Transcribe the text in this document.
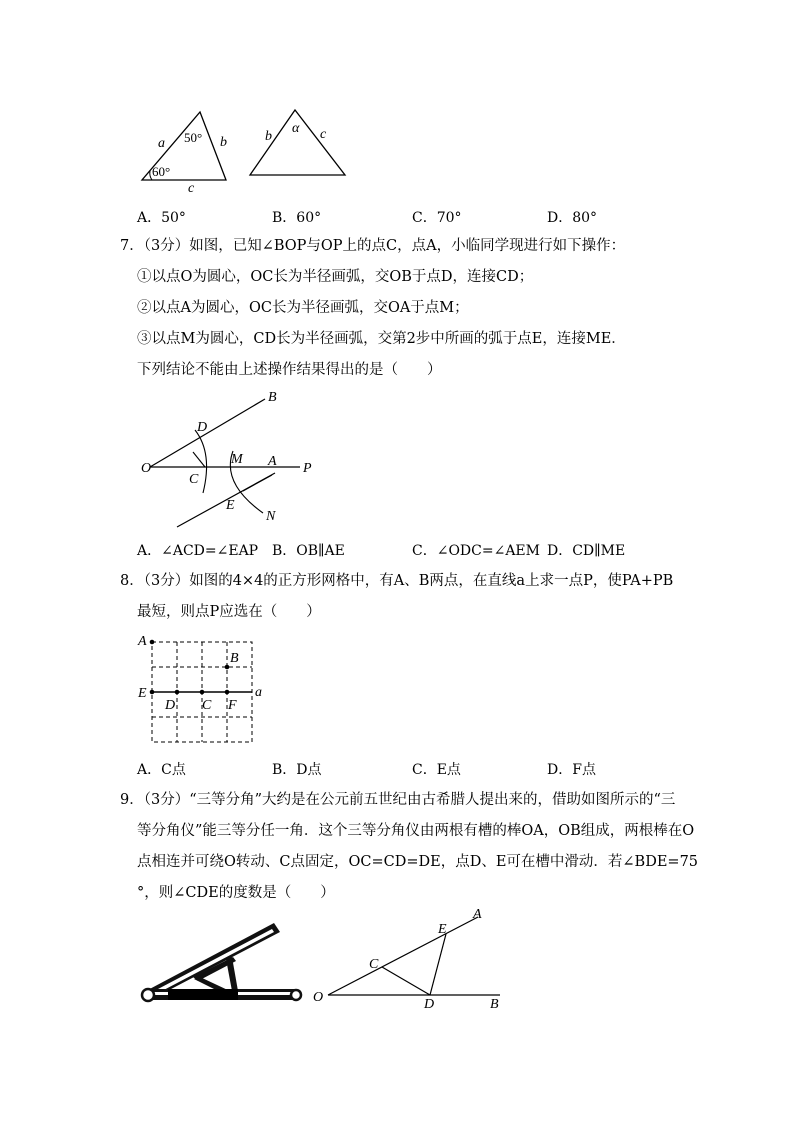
50°
60°
a	b
c
α
b	c
A．50°	B．60°	C．70°	D．80°
7．（3分）如图，已知∠BOP与OP上的点C，点A，小临同学现进行如下操作：
①以点O为圆心，OC长为半径画弧，交OB于点D，连接CD；
②以点A为圆心，OC长为半径画弧，交OA于点M；
③以点M为圆心，CD长为半径画弧，交第2步中所画的弧于点E，连接ME．
下列结论不能由上述操作结果得出的是（　　）
O
B
D
C
M A P
E
N
A．∠ACD=∠EAP B．OB∥AE	C．∠ODC=∠AEM D．CD∥ME
8．（3分）如图的4×4的正方形网格中，有A、B两点，在直线a上求一点P，使PA+PB
最短，则点P应选在（　　）
A
B
E
D C F
a
A．C点	B．D点	C．E点	D．F点
9．（3分）“三等分角”大约是在公元前五世纪由古希腊人提出来的，借助如图所示的“三
等分角仪”能三等分任一角．这个三等分角仪由两根有槽的棒OA，OB组成，两根棒在O
点相连并可绕O转动、C点固定，OC=CD=DE，点D、E可在槽中滑动．若∠BDE=75
°，则∠CDE的度数是（　　）
A
E
C
O	D	B
